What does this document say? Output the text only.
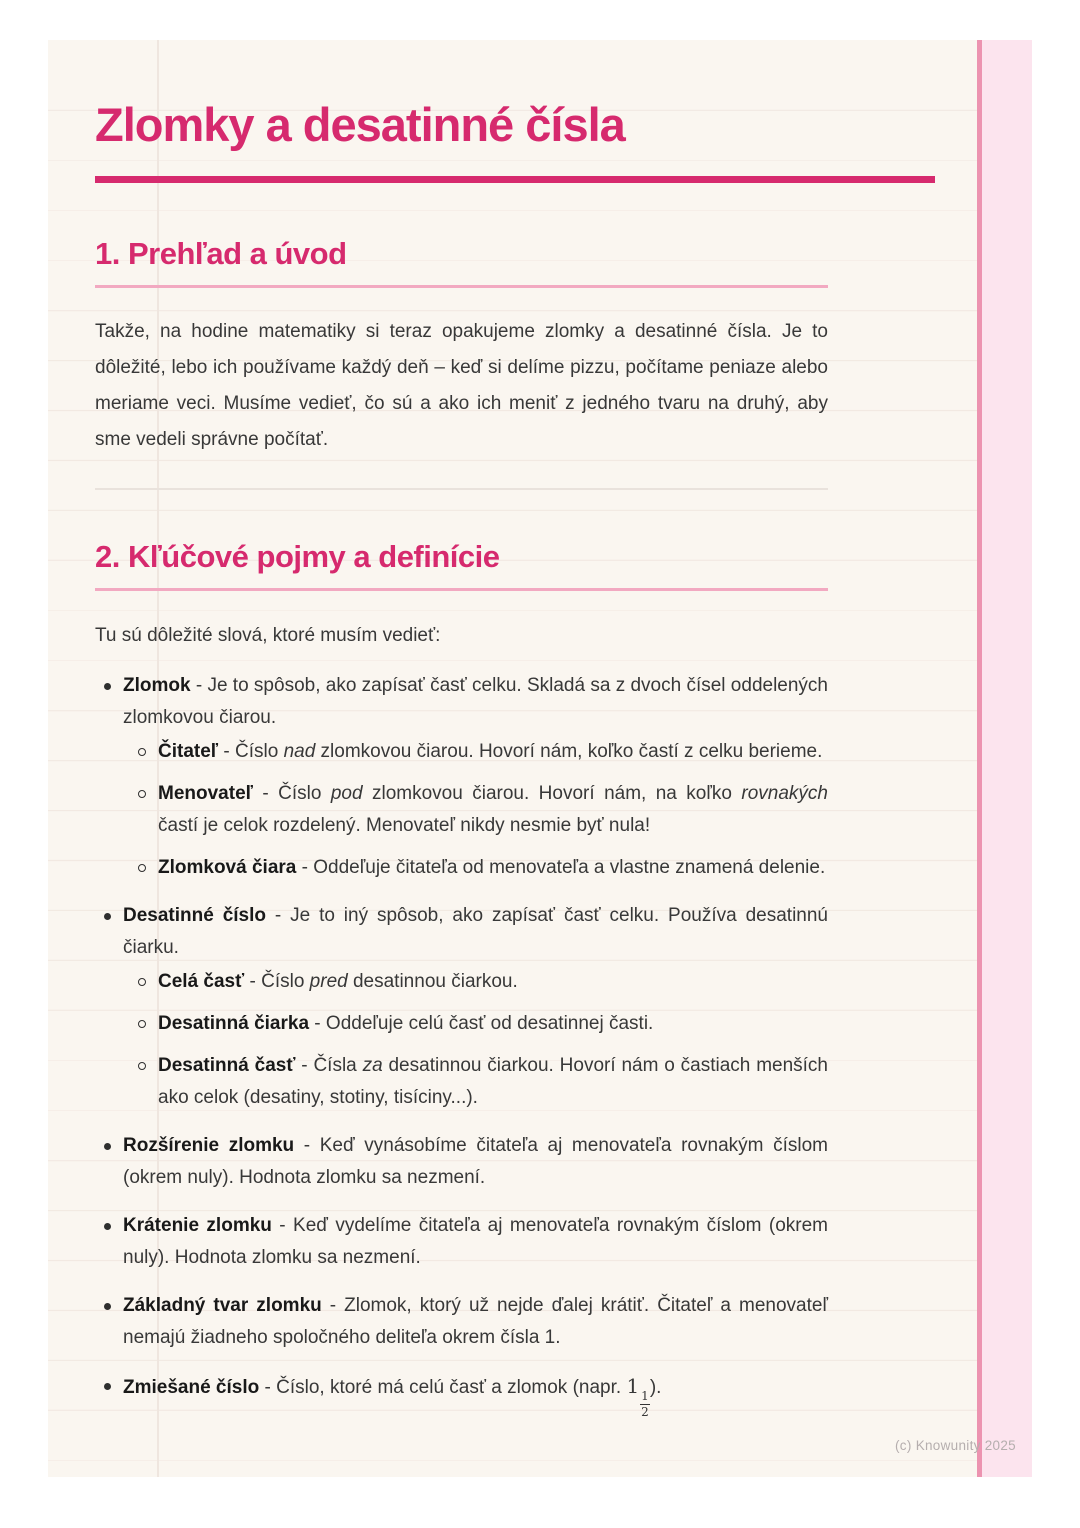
Zlomky a desatinné čísla
1. Prehľad a úvod

Takže, na hodine matematiky si teraz opakujeme zlomky a desatinné čísla. Je to dôležité, lebo ich používame každý deň – keď si delíme pizzu, počítame peniaze alebo meriame veci. Musíme vedieť, čo sú a ako ich meniť z jedného tvaru na druhý, aby sme vedeli správne počítať.

2. Kľúčové pojmy a definície

Tu sú dôležité slová, ktoré musím vedieť:

Zlomok - Je to spôsob, ako zapísať časť celku. Skladá sa z dvoch čísel oddelených zlomkovou čiarou.
Čitateľ - Číslo nad zlomkovou čiarou. Hovorí nám, koľko častí z celku berieme.
Menovateľ - Číslo pod zlomkovou čiarou. Hovorí nám, na koľko rovnakých častí je celok rozdelený. Menovateľ nikdy nesmie byť nula!
Zlomková čiara - Oddeľuje čitateľa od menovateľa a vlastne znamená delenie.
Desatinné číslo - Je to iný spôsob, ako zapísať časť celku. Používa desatinnú čiarku.
Celá časť - Číslo pred desatinnou čiarkou.
Desatinná čiarka - Oddeľuje celú časť od desatinnej časti.
Desatinná časť - Čísla za desatinnou čiarkou. Hovorí nám o častiach menších ako celok (desatiny, stotiny, tisíciny...).
Rozšírenie zlomku - Keď vynásobíme čitateľa aj menovateľa rovnakým číslom (okrem nuly). Hodnota zlomku sa nezmení.
Krátenie zlomku - Keď vydelíme čitateľa aj menovateľa rovnakým číslom (okrem nuly). Hodnota zlomku sa nezmení.
Základný tvar zlomku - Zlomok, ktorý už nejde ďalej krátiť. Čitateľ a menovateľ nemajú žiadneho spoločného deliteľa okrem čísla 1.
Zmiešané číslo - Číslo, ktoré má celú časť a zlomok (napr. 1
$\frac{1}{2}$
).
(c) Knowunity 2025
